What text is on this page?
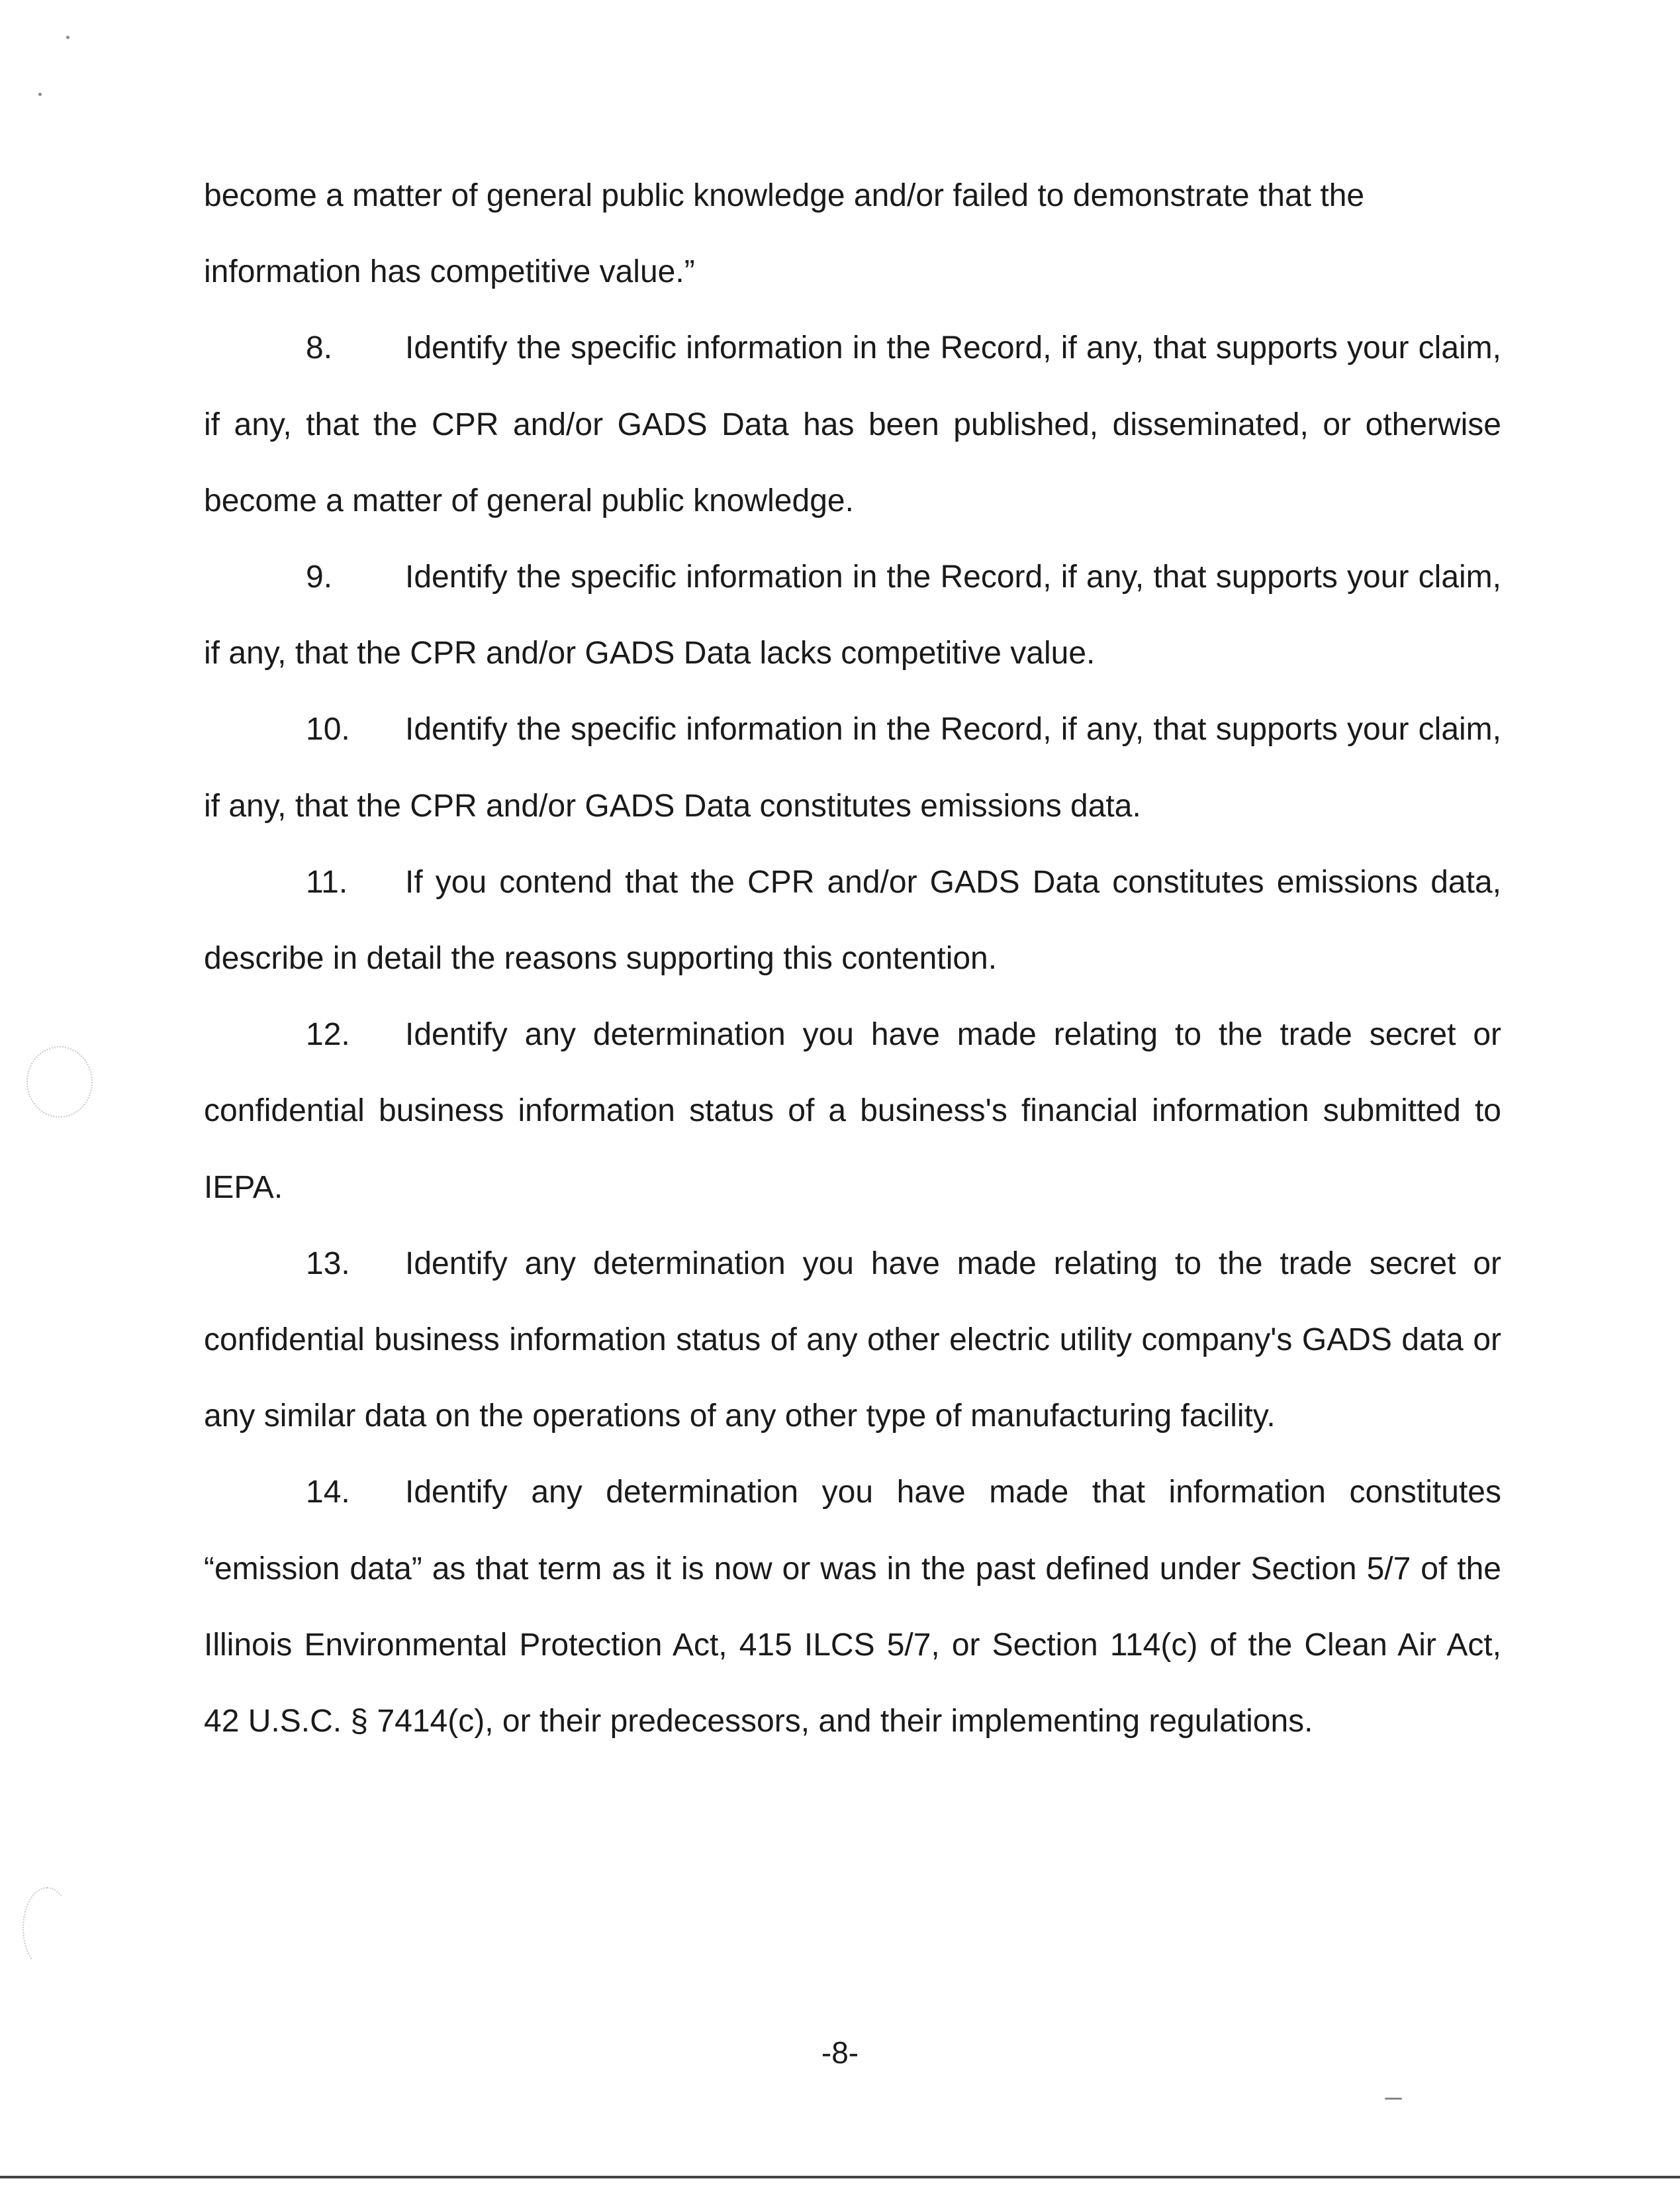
become a matter of general public knowledge and/or failed to demonstrate that the
information has competitive value.”

8. Identify the specific information in the Record, if any, that supports your claim, if any, that the CPR and/or GADS Data has been published, disseminated, or otherwise become a matter of general public knowledge.

9. Identify the specific information in the Record, if any, that supports your claim, if any, that the CPR and/or GADS Data lacks competitive value.

10. Identify the specific information in the Record, if any, that supports your claim, if any, that the CPR and/or GADS Data constitutes emissions data.

11. If you contend that the CPR and/or GADS Data constitutes emissions data, describe in detail the reasons supporting this contention.

12. Identify any determination you have made relating to the trade secret or confidential business information status of a business's financial information submitted to IEPA.

13. Identify any determination you have made relating to the trade secret or confidential business information status of any other electric utility company's GADS data or any similar data on the operations of any other type of manufacturing facility.

14. Identify any determination you have made that information constitutes “emission data” as that term as it is now or was in the past defined under Section 5/7 of the Illinois Environmental Protection Act, 415 ILCS 5/7, or Section 114(c) of the Clean Air Act, 42 U.S.C. § 7414(c), or their predecessors, and their implementing regulations.

-8-
